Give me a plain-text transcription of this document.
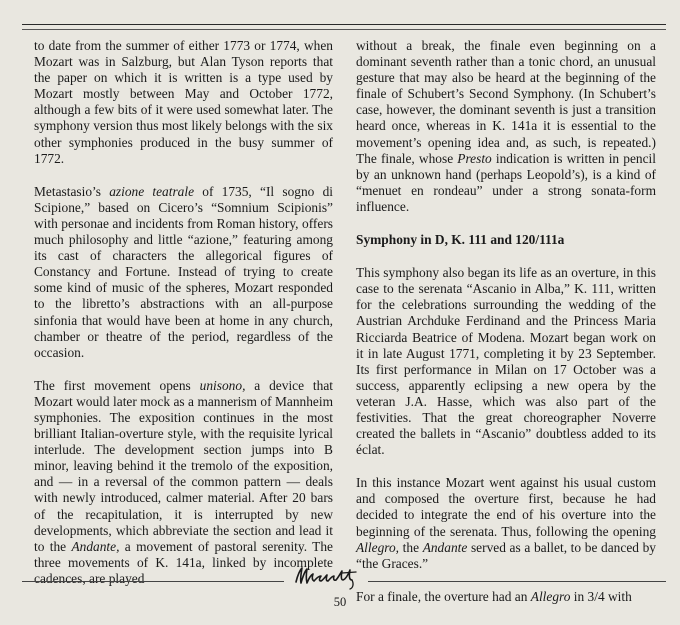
to date from the summer of either 1773 or 1774, when Mozart was in Salzburg, but Alan Tyson reports that the paper on which it is written is a type used by Mozart mostly between May and October 1772, although a few bits of it were used somewhat later. The symphony version thus most likely belongs with the six other symphonies produced in the busy summer of 1772.

Metastasio’s azione teatrale of 1735, “Il sogno di Scipione,” based on Cicero’s “Somnium Scipionis” with personae and incidents from Roman history, offers much philosophy and little “azione,” featuring among its cast of characters the allegorical figures of Constancy and Fortune. Instead of trying to create some kind of music of the spheres, Mozart responded to the libretto’s abstractions with an all-purpose sinfonia that would have been at home in any church, chamber or theatre of the period, regardless of the occasion.

The first movement opens unisono, a device that Mozart would later mock as a mannerism of Mannheim symphonies. The exposition continues in the most brilliant Italian-overture style, with the requisite lyrical interlude. The development section jumps into B minor, leaving behind it the tremolo of the exposition, and — in a reversal of the common pattern — deals with newly introduced, calmer material. After 20 bars of the recapitulation, it is interrupted by new developments, which abbreviate the section and lead it to the Andante, a movement of pastoral serenity. The three movements of K. 141a, linked by incomplete cadences, are played

without a break, the finale even beginning on a dominant seventh rather than a tonic chord, an unusual gesture that may also be heard at the beginning of the finale of Schubert’s Second Symphony. (In Schubert’s case, however, the dominant seventh is just a transition heard once, whereas in K. 141a it is essential to the movement’s opening idea and, as such, is repeated.) The finale, whose Presto indication is written in pencil by an unknown hand (perhaps Leopold’s), is a kind of “menuet en rondeau” under a strong sonata-form influence.

Symphony in D, K. 111 and 120/111a

This symphony also began its life as an overture, in this case to the serenata “Ascanio in Alba,” K. 111, written for the celebrations surrounding the wedding of the Austrian Archduke Ferdinand and the Princess Maria Ricciarda Beatrice of Modena. Mozart began work on it in late August 1771, completing it by 23 September. Its first performance in Milan on 17 October was a success, apparently eclipsing a new opera by the veteran J.A. Hasse, which was also part of the festivities. That the great choreographer Noverre created the ballets in “Ascanio” doubtless added to its éclat.

In this instance Mozart went against his usual custom and composed the overture first, because he had decided to integrate the end of his overture into the beginning of the serenata. Thus, following the opening Allegro, the Andante served as a ballet, to be danced by “the Graces.”

For a finale, the overture had an Allegro in 3/4 with

50
